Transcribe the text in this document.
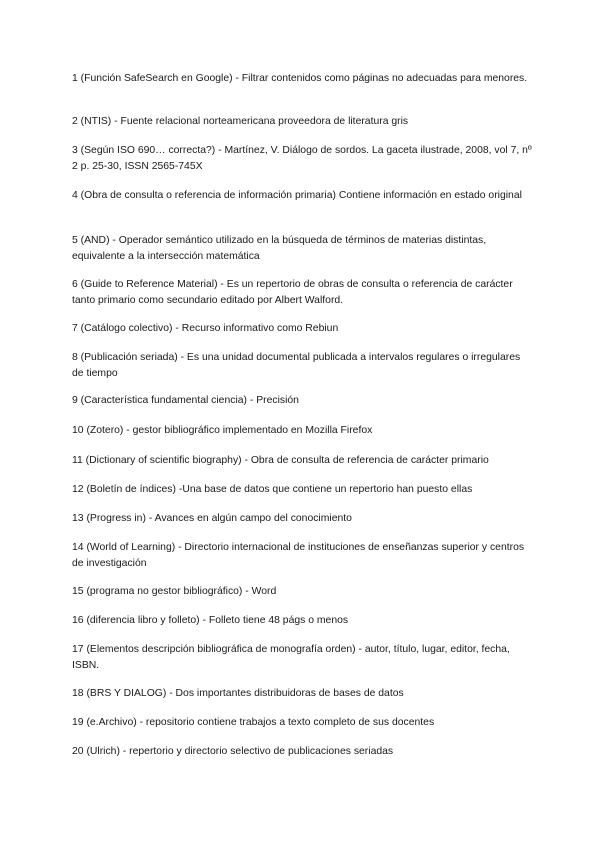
1 (Función SafeSearch en Google) - Filtrar contenidos como páginas no adecuadas para menores.

2 (NTIS) - Fuente relacional norteamericana proveedora de literatura gris

3 (Según ISO 690… correcta?) - Martínez, V. Diálogo de sordos. La gaceta ilustrade, 2008, vol 7, nº 2 p. 25-30, ISSN 2565-745X

4 (Obra de consulta o referencia de información primaria) Contiene información en estado original

5 (AND) - Operador semántico utilizado en la búsqueda de términos de materias distintas, equivalente a la intersección matemática

6 (Guide to Reference Material) - Es un repertorio de obras de consulta o referencia de carácter tanto primario como secundario editado por Albert Walford.

7 (Catálogo colectivo) - Recurso informativo como Rebiun

8 (Publicación seriada) - Es una unidad documental publicada a intervalos regulares o irregulares de tiempo

9 (Característica fundamental ciencia) - Precisión

10 (Zotero) - gestor bibliográfico implementado en Mozilla Firefox

11 (Dictionary of scientific biography) - Obra de consulta de referencia de carácter primario

12 (Boletín de índices) -Una base de datos que contiene un repertorio han puesto ellas

13 (Progress in) - Avances en algún campo del conocimiento

14 (World of Learning) - Directorio internacional de instituciones de enseñanzas superior y centros de investigación

15 (programa no gestor bibliográfico) - Word

16 (diferencia libro y folleto) - Folleto tiene 48 págs o menos

17 (Elementos descripción bibliográfica de monografía orden) - autor, título, lugar, editor, fecha, ISBN.

18 (BRS Y DIALOG) - Dos importantes distribuidoras de bases de datos

19 (e.Archivo) - repositorio contiene trabajos a texto completo de sus docentes

20 (Ulrich) - repertorio y directorio selectivo de publicaciones seriadas
